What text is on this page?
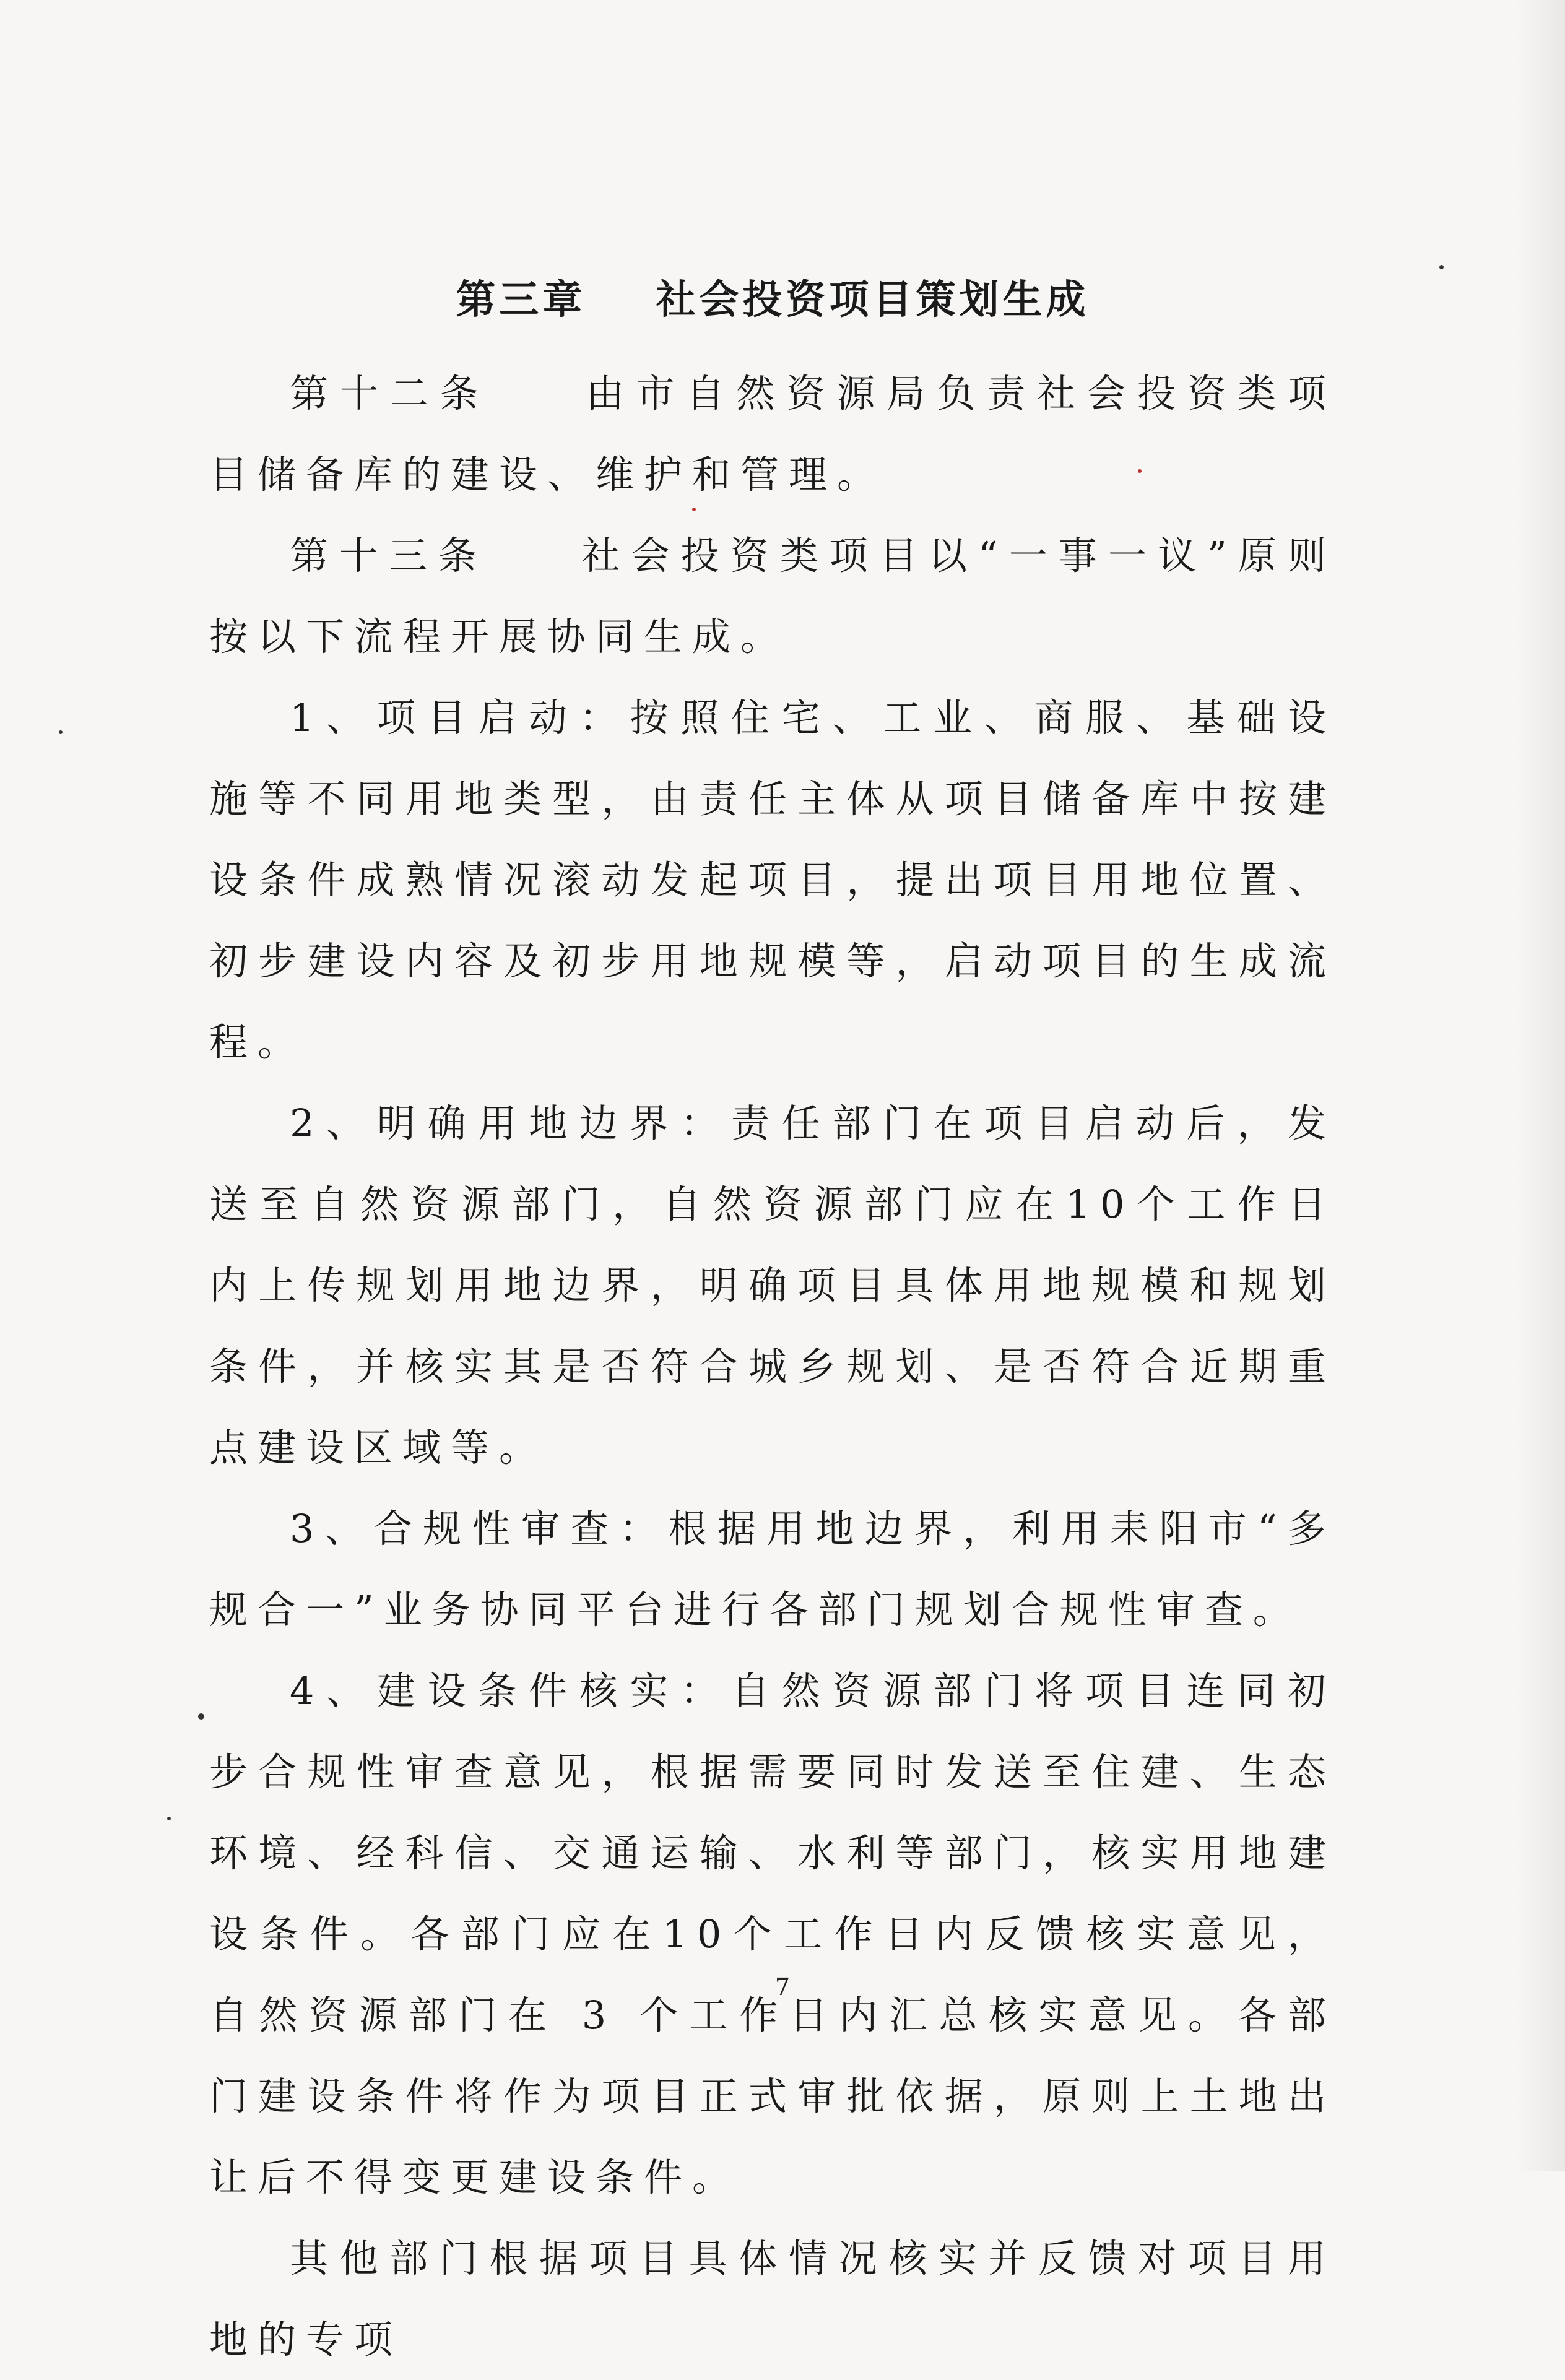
第三章    社会投资项目策划生成

第十二条    由市自然资源局负责社会投资类项目储备库的建设、维护和管理。

第十三条    社会投资类项目以“一事一议”原则按以下流程开展协同生成。

1、项目启动：按照住宅、工业、商服、基础设施等不同用地类型，由责任主体从项目储备库中按建设条件成熟情况滚动发起项目，提出项目用地位置、初步建设内容及初步用地规模等，启动项目的生成流程。

2、明确用地边界：责任部门在项目启动后，发送至自然资源部门，自然资源部门应在10个工作日内上传规划用地边界，明确项目具体用地规模和规划条件，并核实其是否符合城乡规划、是否符合近期重点建设区域等。

3、合规性审查：根据用地边界，利用耒阳市“多规合一”业务协同平台进行各部门规划合规性审查。

4、建设条件核实：自然资源部门将项目连同初步合规性审查意见，根据需要同时发送至住建、生态环境、经科信、交通运输、水利等部门，核实用地建设条件。各部门应在10个工作日内反馈核实意见，自然资源部门在 3 个工作日内汇总核实意见。各部门建设条件将作为项目正式审批依据，原则上土地出让后不得变更建设条件。

其他部门根据项目具体情况核实并反馈对项目用地的专项

7
